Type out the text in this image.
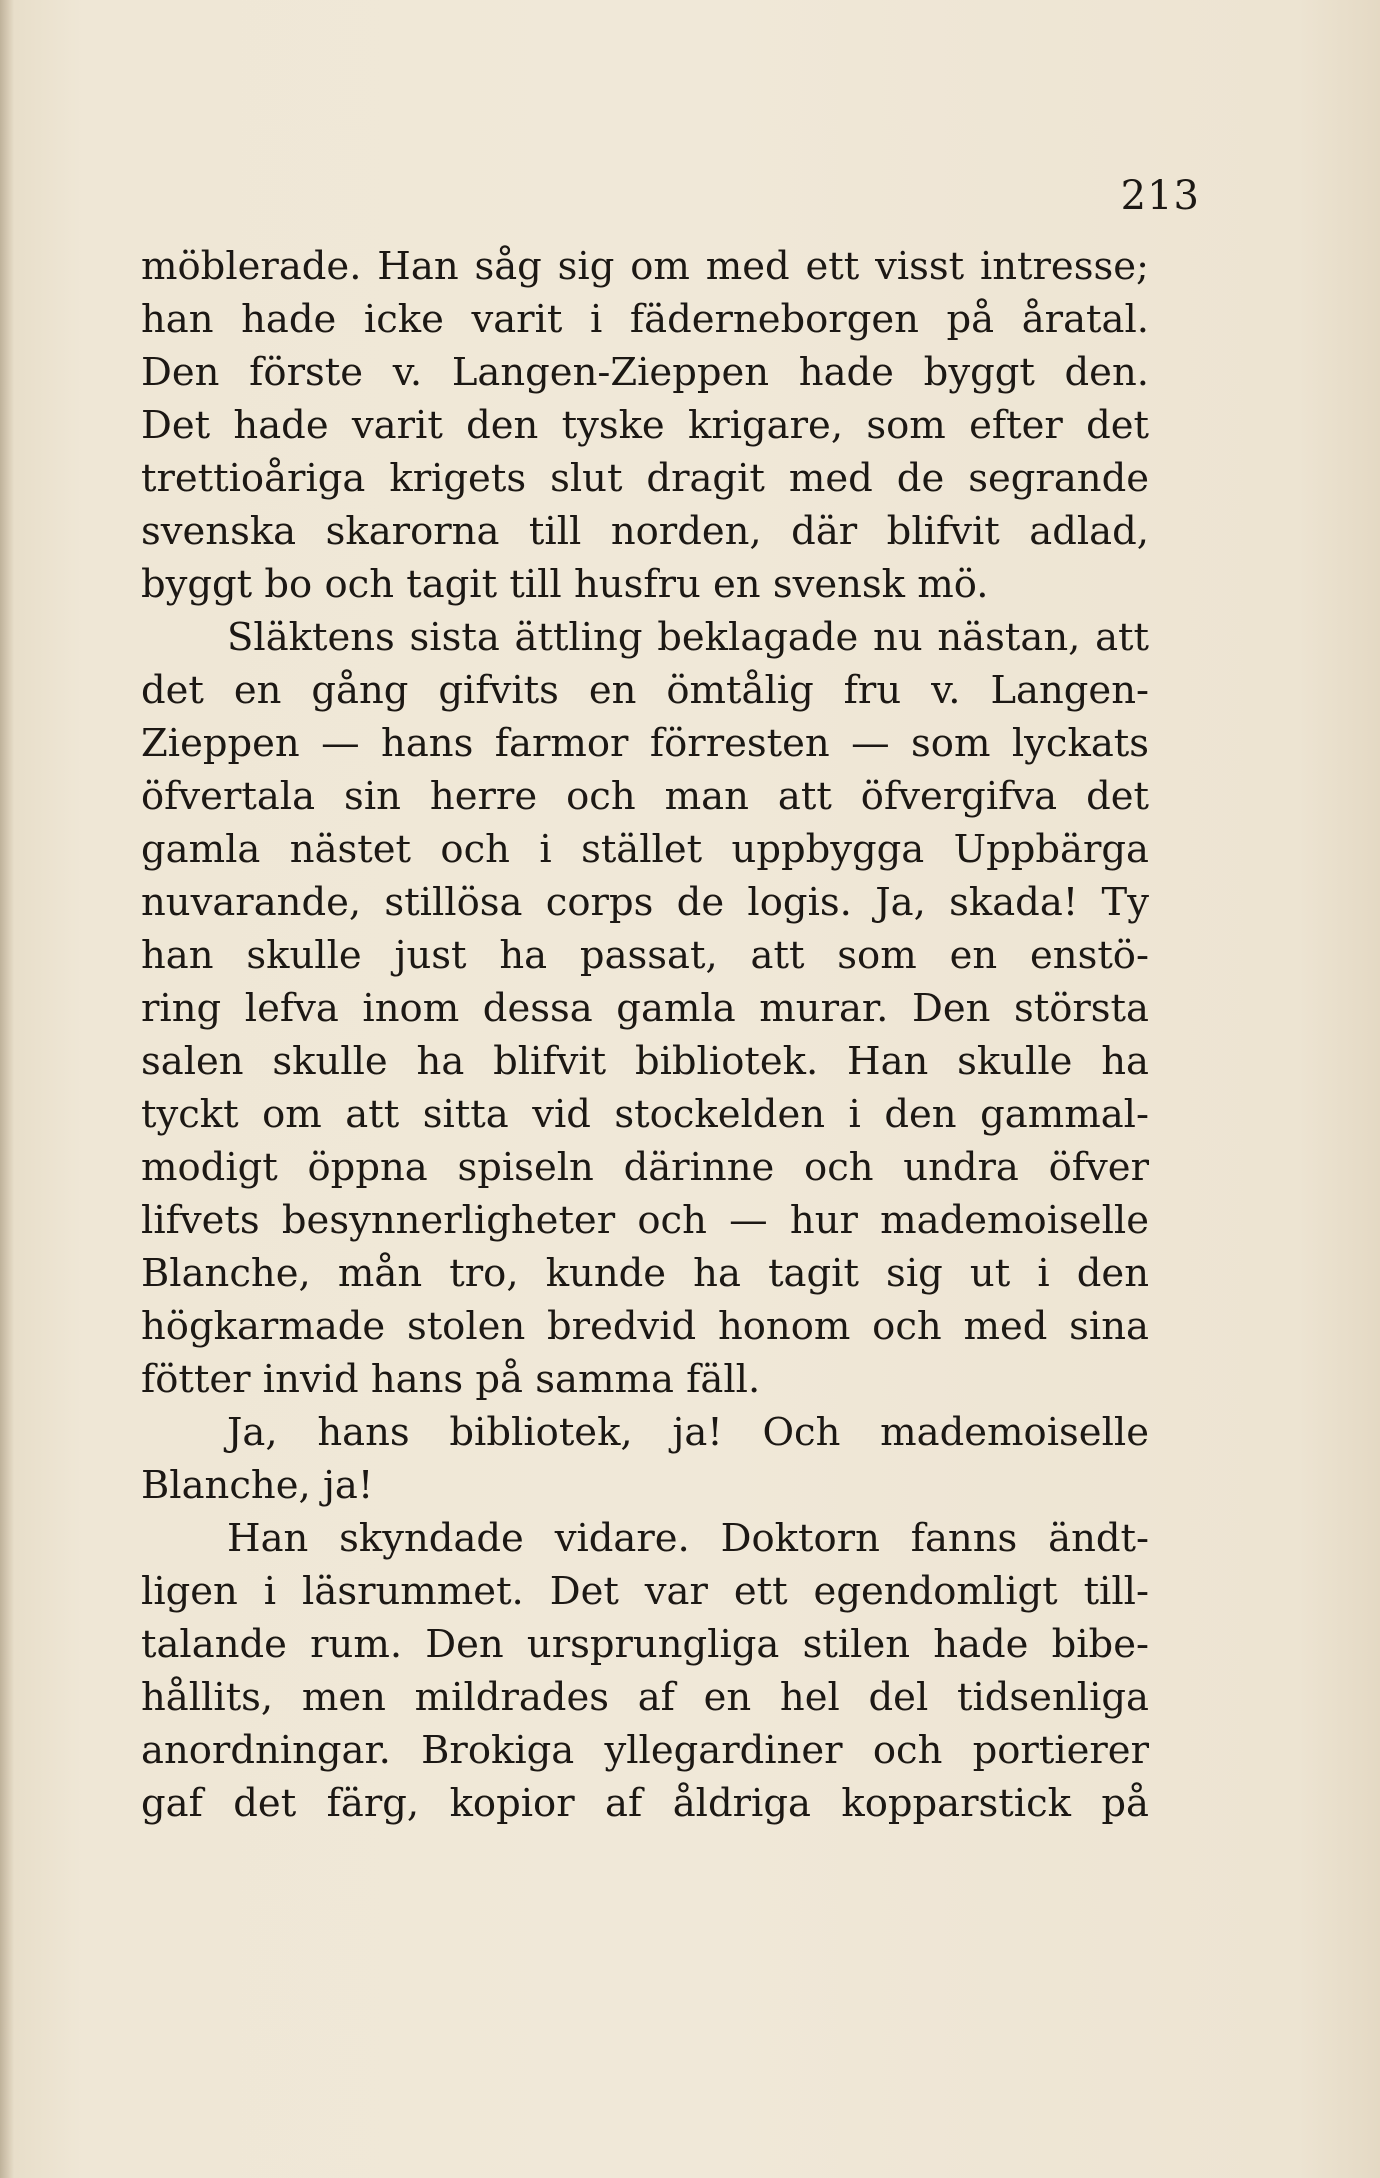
213
möblerade. Han såg sig om med ett visst intresse;
han hade icke varit i fäderneborgen på åratal.
Den förste v. Langen-Zieppen hade byggt den.
Det hade varit den tyske krigare, som efter det
trettioåriga krigets slut dragit med de segrande
svenska skarorna till norden, där blifvit adlad,
byggt bo och tagit till husfru en svensk mö.
Släktens sista ättling beklagade nu nästan, att
det en gång gifvits en ömtålig fru v. Langen-
Zieppen — hans farmor förresten — som lyckats
öfvertala sin herre och man att öfvergifva det
gamla nästet och i stället uppbygga Uppbärga
nuvarande, stillösa corps de logis. Ja, skada! Ty
han skulle just ha passat, att som en enstö-
ring lefva inom dessa gamla murar. Den största
salen skulle ha blifvit bibliotek. Han skulle ha
tyckt om att sitta vid stockelden i den gammal-
modigt öppna spiseln därinne och undra öfver
lifvets besynnerligheter och — hur mademoiselle
Blanche, mån tro, kunde ha tagit sig ut i den
högkarmade stolen bredvid honom och med sina
fötter invid hans på samma fäll.
Ja, hans bibliotek, ja! Och mademoiselle
Blanche, ja!
Han skyndade vidare. Doktorn fanns ändt-
ligen i läsrummet. Det var ett egendomligt till-
talande rum. Den ursprungliga stilen hade bibe-
hållits, men mildrades af en hel del tidsenliga
anordningar. Brokiga yllegardiner och portierer
gaf det färg, kopior af åldriga kopparstick på
